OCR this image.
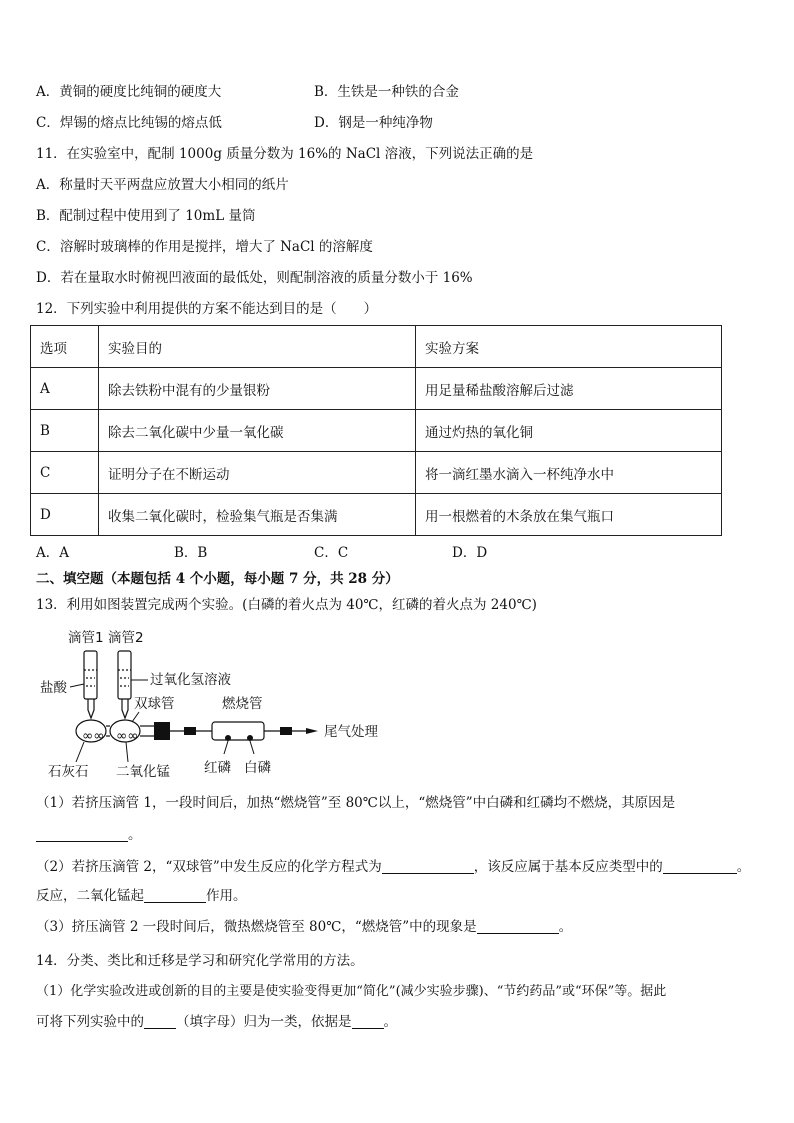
A．黄铜的硬度比纯铜的硬度大	B．生铁是一种铁的合金
C．焊锡的熔点比纯锡的熔点低	D．钢是一种纯净物
11．在实验室中，配制 1000g 质量分数为 16%的 NaCl 溶液，下列说法正确的是
A．称量时天平两盘应放置大小相同的纸片
B．配制过程中使用到了 10mL 量筒
C．溶解时玻璃棒的作用是搅拌，增大了 NaCl 的溶解度
D．若在量取水时俯视凹液面的最低处，则配制溶液的质量分数小于 16%
12．下列实验中利用提供的方案不能达到目的是（　　）
选项	实验目的	实验方案
A	除去铁粉中混有的少量银粉	用足量稀盐酸溶解后过滤
B	除去二氧化碳中少量一氧化碳	通过灼热的氧化铜
C	证明分子在不断运动	将一滴红墨水滴入一杯纯净水中
D	收集二氧化碳时，检验集气瓶是否集满	用一根燃着的木条放在集气瓶口
A．A	B．B	C．C	D．D
二、填空题（本题包括 4 个小题，每小题 7 分，共 28 分）
13．利用如图装置完成两个实验。(白磷的着火点为 40℃，红磷的着火点为 240℃)
滴管1 滴管2
盐酸	过氧化氢溶液
双球管	燃烧管
尾气处理
∞∞ ∞∞
石灰石 二氧化锰	红磷 白磷
（1）若挤压滴管 1，一段时间后，加热“燃烧管”至 80℃以上，“燃烧管”中白磷和红磷均不燃烧，其原因是
。
（2）若挤压滴管 2，“双球管”中发生反应的化学方程式为	，该反应属于基本反应类型中的	。
反应，二氧化锰起	作用。
（3）挤压滴管 2 一段时间后，微热燃烧管至 80℃，“燃烧管”中的现象是	。
14．分类、类比和迁移是学习和研究化学常用的方法。
（1）化学实验改进或创新的目的主要是使实验变得更加“简化”(减少实验步骤)、“节约药品”或“环保”等。据此
可将下列实验中的 （填字母）归为一类，依据是 。
